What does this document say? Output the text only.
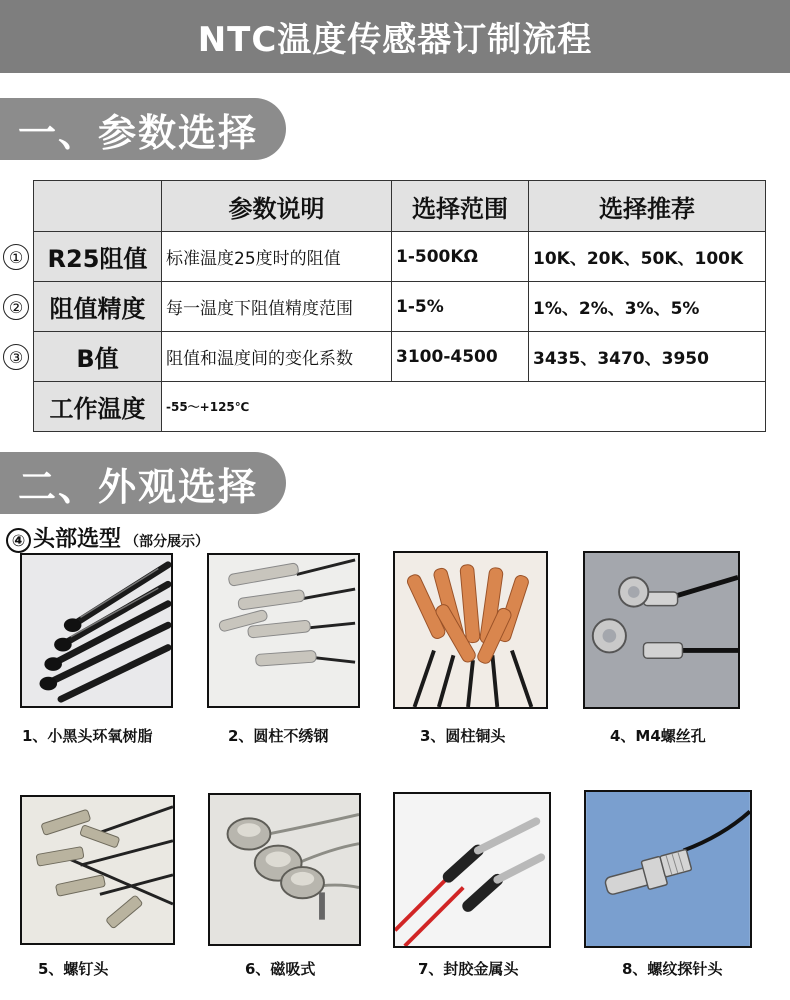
NTC温度传感器订制流程
一、参数选择
	参数说明	选择范围	选择推荐
R25阻值	标准温度25度时的阻值	1-500KΩ	10K、20K、50K、100K
阻值精度	每一温度下阻值精度范围	1-5%	1%、2%、3%、5%
B值	阻值和温度间的变化系数	3100-4500	3435、3470、3950
工作温度	-55～+125℃		
①
②
③
二、外观选择
④ 头部选型 （部分展示）
1、小黑头环氧树脂	2、圆柱不绣钢	3、圆柱铜头	4、M4螺丝孔
5、螺钉头	6、磁吸式	7、封胶金属头	8、螺纹探针头
